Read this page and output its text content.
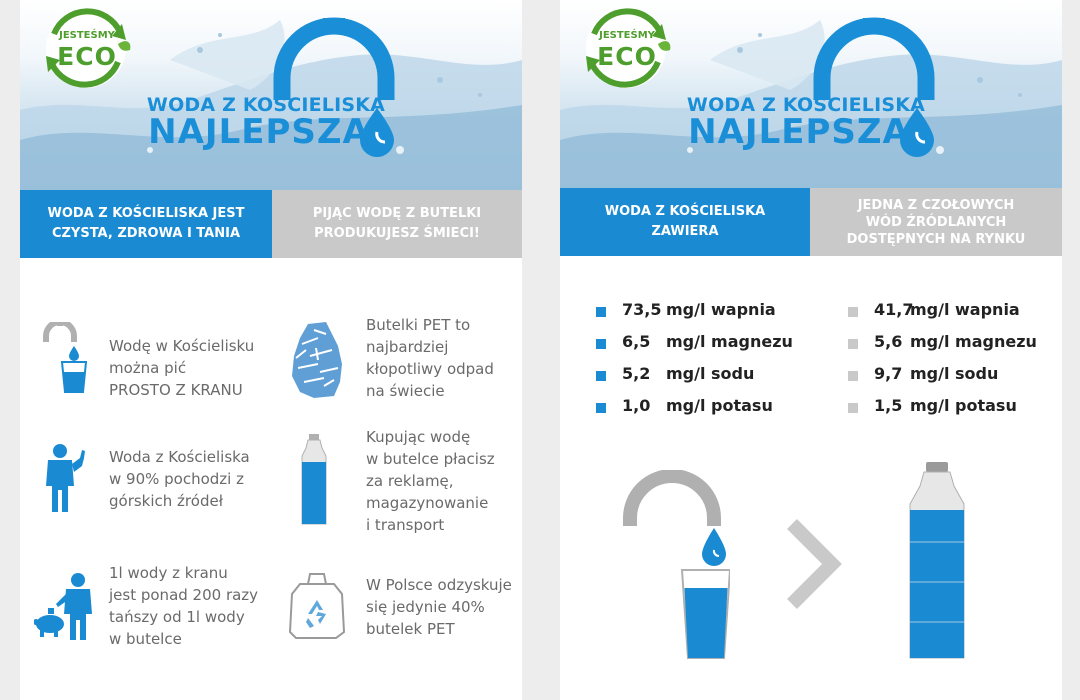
JESTEŚMY
ECO
WODA Z KOŚCIELISKA
NAJLEPSZA
WODA Z KOŚCIELISKA JEST
CZYSTA, ZDROWA I TANIA
PIJĄC WODĘ Z BUTELKI
PRODUKUJESZ ŚMIECI!
Wodę w Kościelisku
można pić
PROSTO Z KRANU
Butelki PET to
najbardziej
kłopotliwy odpad
na świecie
Woda z Kościeliska
w 90% pochodzi z
górskich źródeł
Kupując wodę
w butelce płacisz
za reklamę,
magazynowanie
i transport
1l wody z kranu
jest ponad 200 razy
tańszy od 1l wody
w butelce
W Polsce odzyskuje
się jedynie 40%
butelek PET
JESTEŚMY
ECO
WODA Z KOŚCIELISKA
NAJLEPSZA
WODA Z KOŚCIELISKA
ZAWIERA
JEDNA Z CZOŁOWYCH
WÓD ŹRÓDLANYCH
DOSTĘPNYCH NA RYNKU
73,5 mg/l wapnia
6,5 mg/l magnezu
5,2 mg/l sodu
1,0 mg/l potasu
41,7
mg/l wapnia
5,6 mg/l magnezu
9,7 mg/l sodu
1,5 mg/l potasu
